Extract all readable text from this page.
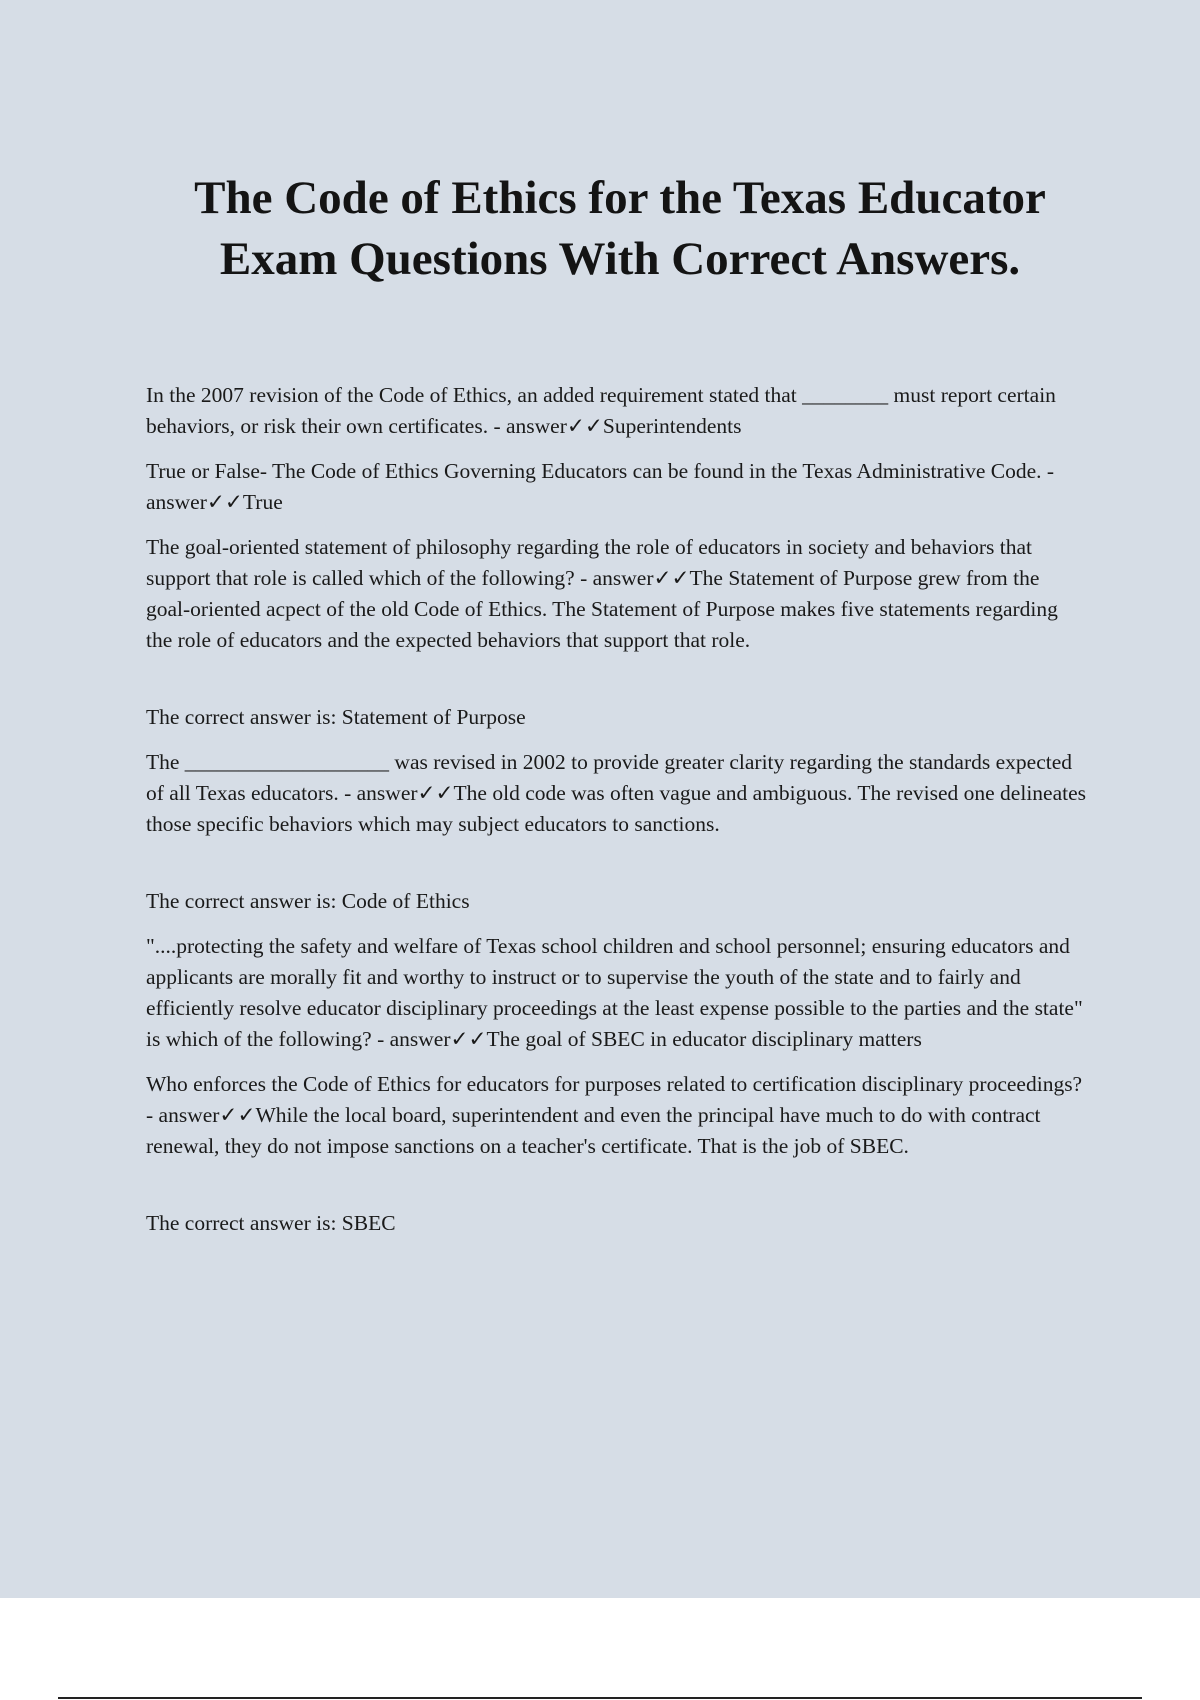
The Code of Ethics for the Texas Educator
Exam Questions With Correct Answers.

In the 2007 revision of the Code of Ethics, an added requirement stated that ________ must report certain behaviors, or risk their own certificates. - answer✓✓Superintendents

True or False- The Code of Ethics Governing Educators can be found in the Texas Administrative Code. - answer✓✓True

The goal-oriented statement of philosophy regarding the role of educators in society and behaviors that support that role is called which of the following? - answer✓✓The Statement of Purpose grew from the goal-oriented acpect of the old Code of Ethics. The Statement of Purpose makes five statements regarding the role of educators and the expected behaviors that support that role.

The correct answer is: Statement of Purpose

The ___________________ was revised in 2002 to provide greater clarity regarding the standards expected of all Texas educators. - answer✓✓The old code was often vague and ambiguous. The revised one delineates those specific behaviors which may subject educators to sanctions.

The correct answer is: Code of Ethics

"....protecting the safety and welfare of Texas school children and school personnel; ensuring educators and applicants are morally fit and worthy to instruct or to supervise the youth of the state and to fairly and efficiently resolve educator disciplinary proceedings at the least expense possible to the parties and the state" is which of the following? - answer✓✓The goal of SBEC in educator disciplinary matters

Who enforces the Code of Ethics for educators for purposes related to certification disciplinary proceedings? - answer✓✓While the local board, superintendent and even the principal have much to do with contract renewal, they do not impose sanctions on a teacher's certificate. That is the job of SBEC.

The correct answer is: SBEC
